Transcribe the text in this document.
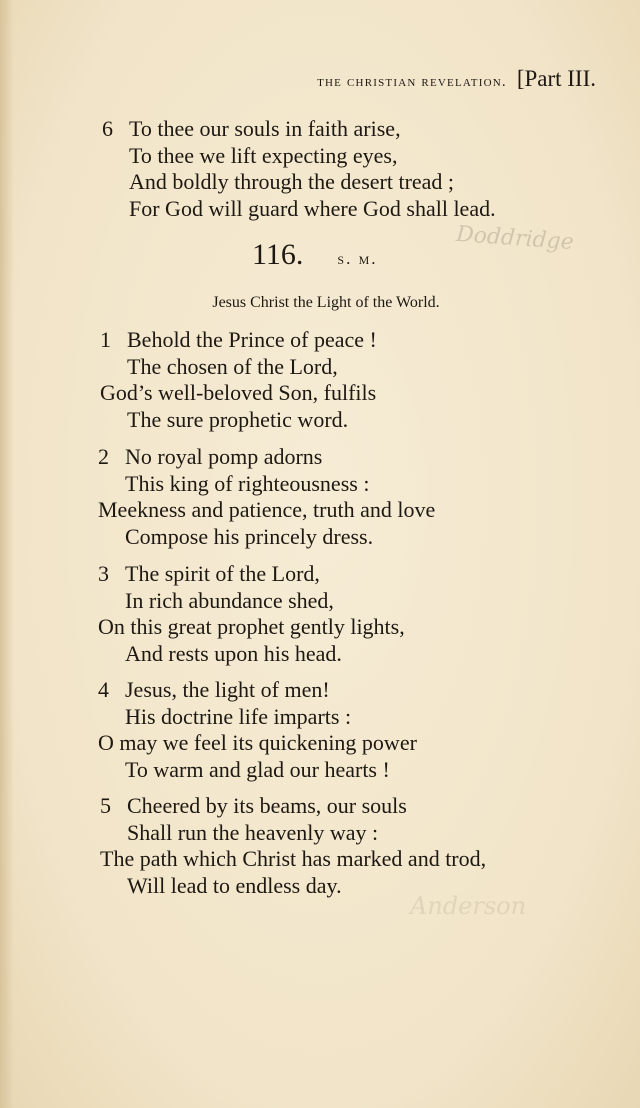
the christian revelation. [Part III.
6 To thee our souls in faith arise,
To thee we lift expecting eyes,
And boldly through the desert tread ;
For God will guard where God shall lead.
116. s. m.
Doddridge
Jesus Christ the Light of the World.
1 Behold the Prince of peace !
The chosen of the Lord,
God’s well-beloved Son, fulfils
The sure prophetic word.
2 No royal pomp adorns
This king of righteousness :
Meekness and patience, truth and love
Compose his princely dress.
3 The spirit of the Lord,
In rich abundance shed,
On this great prophet gently lights,
And rests upon his head.
4 Jesus, the light of men!
His doctrine life imparts :
O may we feel its quickening power
To warm and glad our hearts !
5 Cheered by its beams, our souls
Shall run the heavenly way :
The path which Christ has marked and trod,
Will lead to endless day.
Anderson
